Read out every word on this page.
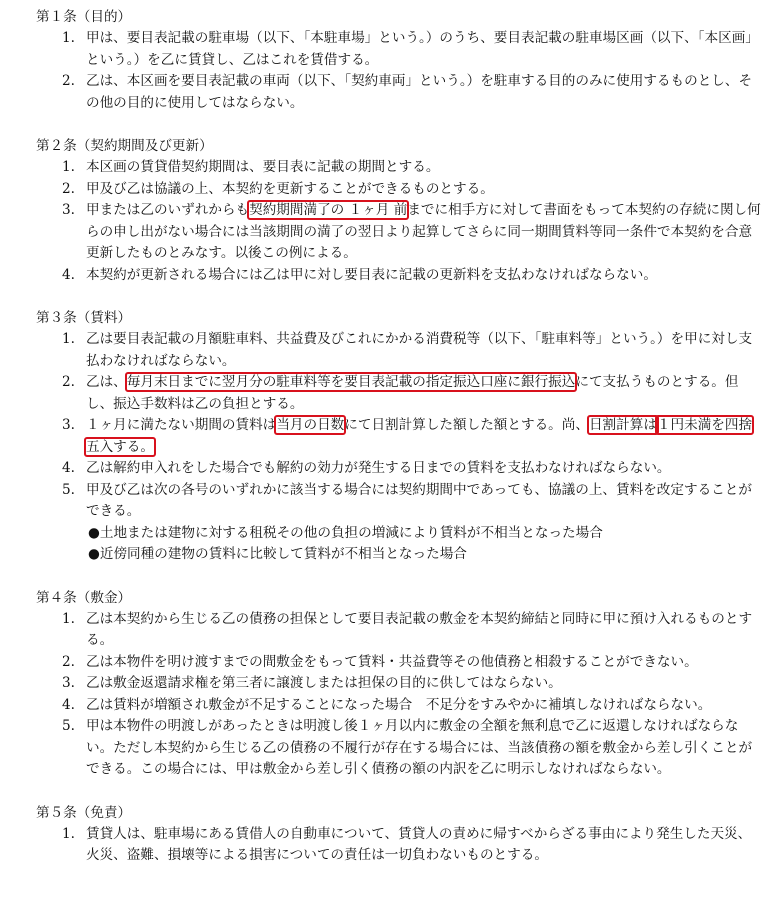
第１条（目的）
1. 甲は、要目表記載の駐車場（以下、「本駐車場」という。）のうち、要目表記載の駐車場区画（以下、「本区画」という。）を乙に賃貸し、乙はこれを賃借する。
2. 乙は、本区画を要目表記載の車両（以下、「契約車両」という。）を駐車する目的のみに使用するものとし、その他の目的に使用してはならない。
第２条（契約期間及び更新）
1. 本区画の賃貸借契約期間は、要目表に記載の期間とする。
2. 甲及び乙は協議の上、本契約を更新することができるものとする。
3. 甲または乙のいずれからも契約期間満了の １ヶ月 前までに相手方に対して書面をもって本契約の存続に関し何らの申し出がない場合には当該期間の満了の翌日より起算してさらに同一期間賃料等同一条件で本契約を合意更新したものとみなす。以後この例による。
4. 本契約が更新される場合には乙は甲に対し要目表に記載の更新料を支払わなければならない。
第３条（賃料）
1. 乙は要目表記載の月額駐車料、共益費及びこれにかかる消費税等（以下、「駐車料等」という。）を甲に対し支払わなければならない。
2. 乙は、毎月末日までに翌月分の駐車料等を要目表記載の指定振込口座に銀行振込にて支払うものとする。但し、振込手数料は乙の負担とする。
3. １ヶ月に満たない期間の賃料は当月の日数にて日割計算した額した額とする。尚、日割計算は１円未満を四捨五入する。
4. 乙は解約申入れをした場合でも解約の効力が発生する日までの賃料を支払わなければならない。
5. 甲及び乙は次の各号のいずれかに該当する場合には契約期間中であっても、協議の上、賃料を改定することができる。
●土地または建物に対する租税その他の負担の増減により賃料が不相当となった場合
●近傍同種の建物の賃料に比較して賃料が不相当となった場合
第４条（敷金）
1. 乙は本契約から生じる乙の債務の担保として要目表記載の敷金を本契約締結と同時に甲に預け入れるものとする。
2. 乙は本物件を明け渡すまでの間敷金をもって賃料・共益費等その他債務と相殺することができない。
3. 乙は敷金返還請求権を第三者に譲渡しまたは担保の目的に供してはならない。
4. 乙は賃料が増額され敷金が不足することになった場合　不足分をすみやかに補填しなければならない。
5. 甲は本物件の明渡しがあったときは明渡し後１ヶ月以内に敷金の全額を無利息で乙に返還しなければならない。ただし本契約から生じる乙の債務の不履行が存在する場合には、当該債務の額を敷金から差し引くことができる。この場合には、甲は敷金から差し引く債務の額の内訳を乙に明示しなければならない。
第５条（免責）
1. 賃貸人は、駐車場にある賃借人の自動車について、賃貸人の責めに帰すべからざる事由により発生した天災、火災、盗難、損壊等による損害についての責任は一切負わないものとする。
